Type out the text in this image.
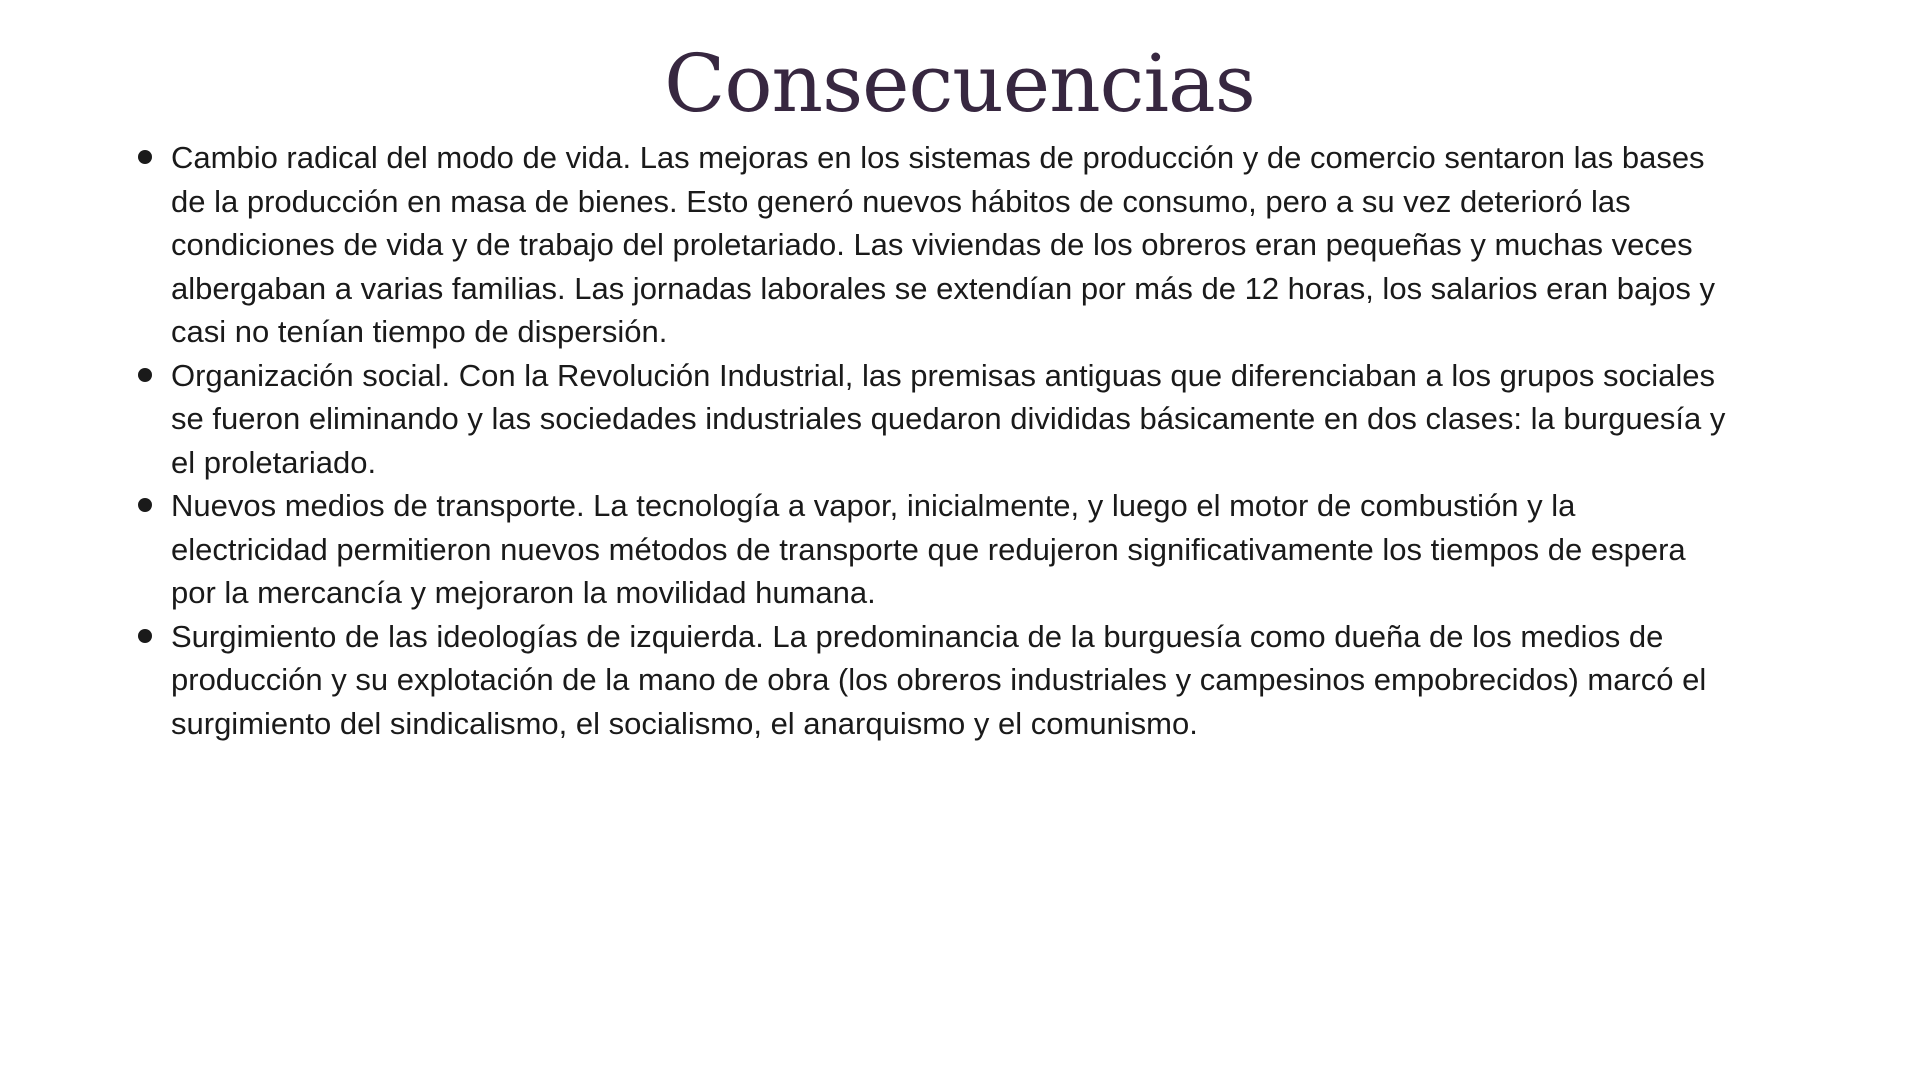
Consecuencias
Cambio radical del modo de vida. Las mejoras en los sistemas de producción y de comercio sentaron las bases de la producción en masa de bienes. Esto generó nuevos hábitos de consumo, pero a su vez deterioró las condiciones de vida y de trabajo del proletariado. Las viviendas de los obreros eran pequeñas y muchas veces albergaban a varias familias. Las jornadas laborales se extendían por más de 12 horas, los salarios eran bajos y casi no tenían tiempo de dispersión.
Organización social. Con la Revolución Industrial, las premisas antiguas que diferenciaban a los grupos sociales se fueron eliminando y las sociedades industriales quedaron divididas básicamente en dos clases: la burguesía y el proletariado.
Nuevos medios de transporte. La tecnología a vapor, inicialmente, y luego el motor de combustión y la electricidad permitieron nuevos métodos de transporte que redujeron significativamente los tiempos de espera por la mercancía y mejoraron la movilidad humana.
Surgimiento de las ideologías de izquierda. La predominancia de la burguesía como dueña de los medios de producción y su explotación de la mano de obra (los obreros industriales y campesinos empobrecidos) marcó el surgimiento del sindicalismo, el socialismo, el anarquismo y el comunismo.
